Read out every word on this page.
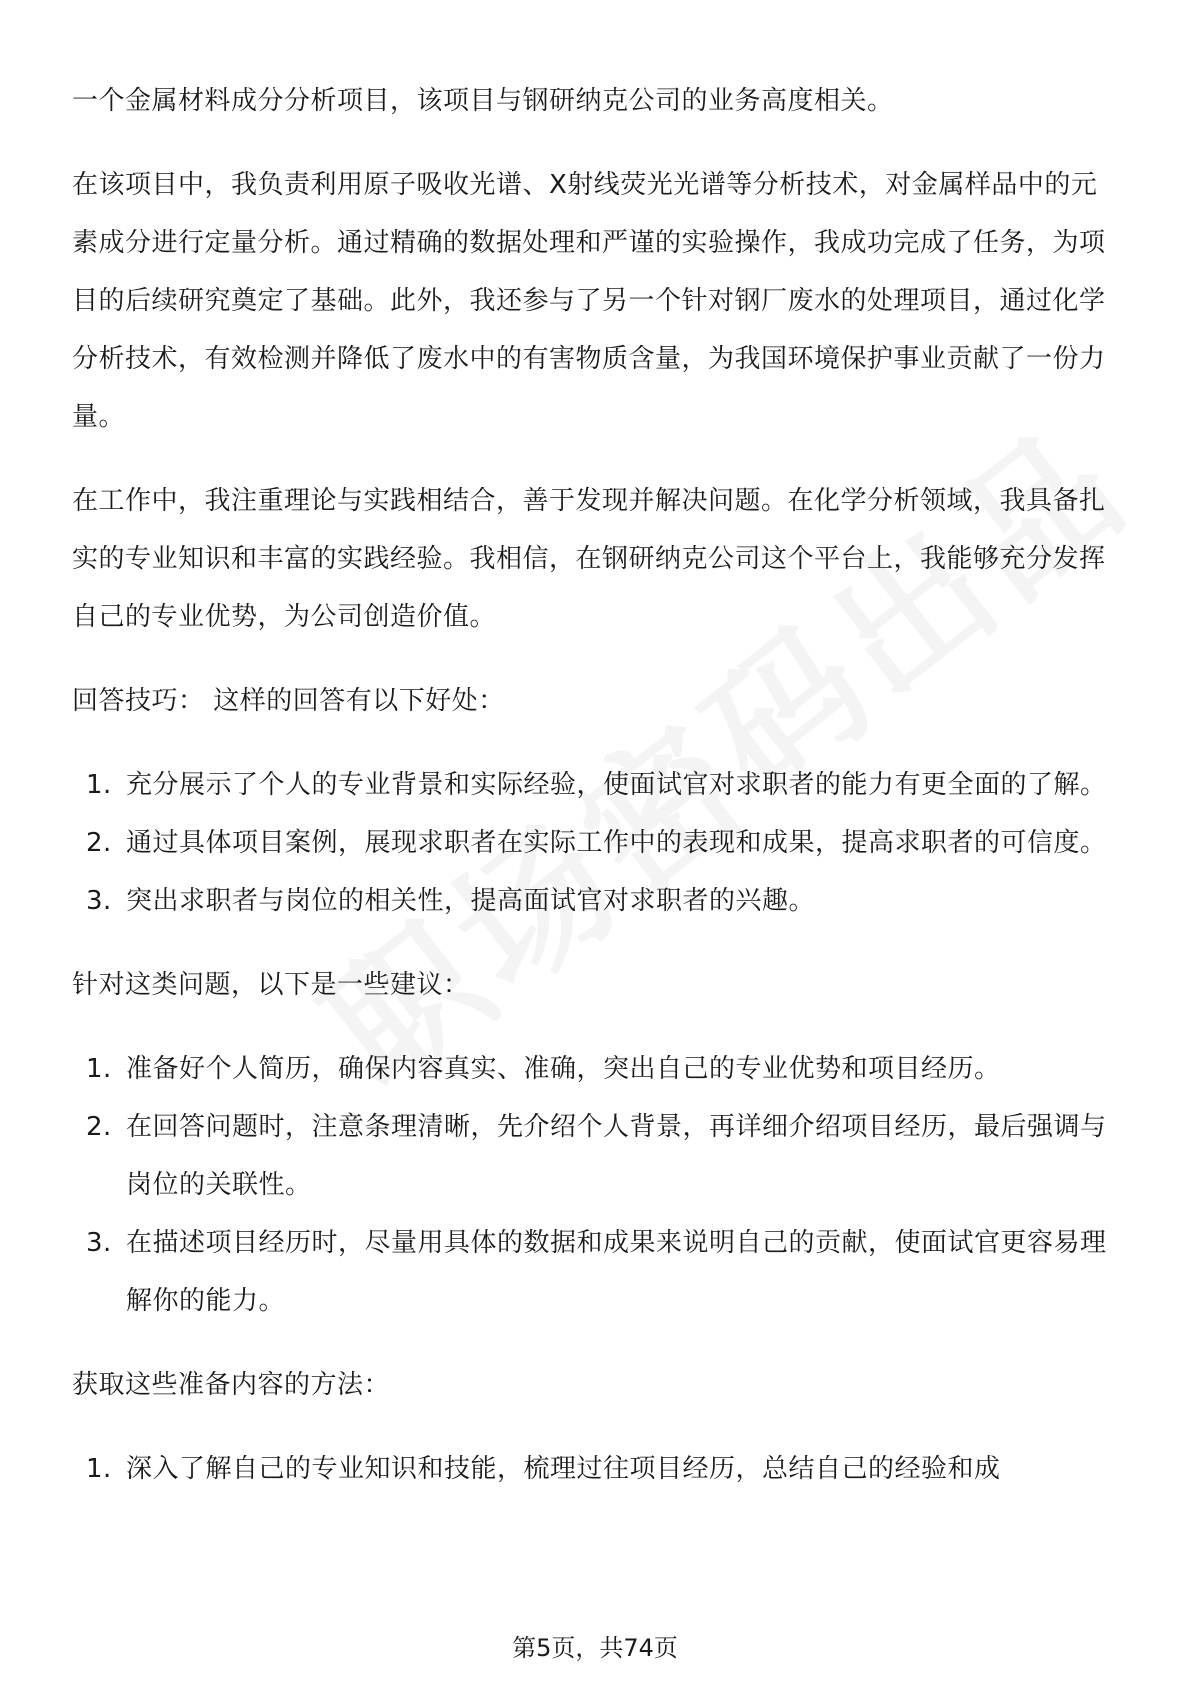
一个金属材料成分分析项目，该项目与钢研纳克公司的业务高度相关。

在该项目中，我负责利用原子吸收光谱、X射线荧光光谱等分析技术，对金属样品中的元素成分进行定量分析。通过精确的数据处理和严谨的实验操作，我成功完成了任务，为项目的后续研究奠定了基础。此外，我还参与了另一个针对钢厂废水的处理项目，通过化学分析技术，有效检测并降低了废水中的有害物质含量，为我国环境保护事业贡献了一份力量。

在工作中，我注重理论与实践相结合，善于发现并解决问题。在化学分析领域，我具备扎实的专业知识和丰富的实践经验。我相信，在钢研纳克公司这个平台上，我能够充分发挥自己的专业优势，为公司创造价值。

回答技巧： 这样的回答有以下好处：

1. 充分展示了个人的专业背景和实际经验，使面试官对求职者的能力有更全面的了解。
2. 通过具体项目案例，展现求职者在实际工作中的表现和成果，提高求职者的可信度。
3. 突出求职者与岗位的相关性，提高面试官对求职者的兴趣。

针对这类问题，以下是一些建议：

1. 准备好个人简历，确保内容真实、准确，突出自己的专业优势和项目经历。
2. 在回答问题时，注意条理清晰，先介绍个人背景，再详细介绍项目经历，最后强调与岗位的关联性。
3. 在描述项目经历时，尽量用具体的数据和成果来说明自己的贡献，使面试官更容易理解你的能力。

获取这些准备内容的方法：

1. 深入了解自己的专业知识和技能，梳理过往项目经历，总结自己的经验和成
第5页，共74页
